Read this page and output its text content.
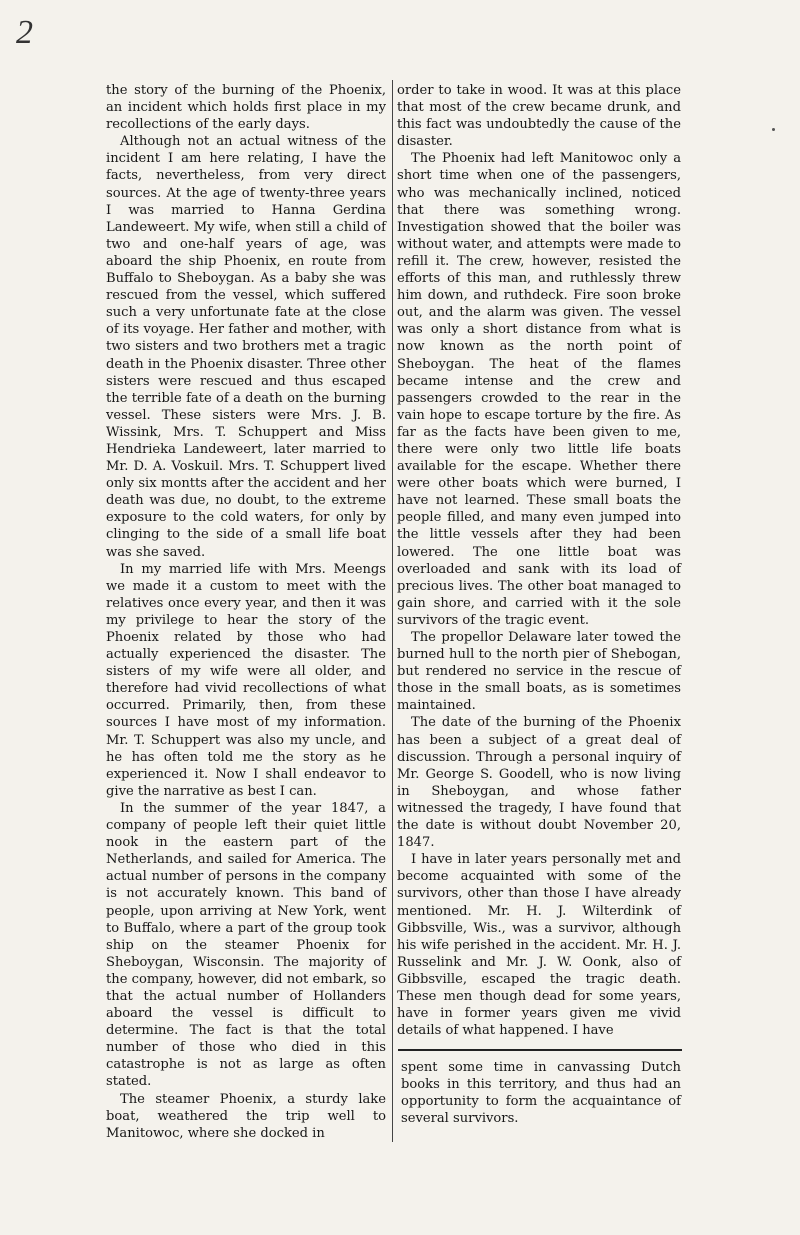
2

the story of the burning of the Phoenix, an incident which holds first place in my recollections of the early days.

Although not an actual witness of the incident I am here relating, I have the facts, nevertheless, from very direct sources. At the age of twenty-three years I was married to Hanna Gerdina Landeweert. My wife, when still a child of two and one-half years of age, was aboard the ship Phoenix, en route from Buffalo to Sheboygan. As a baby she was rescued from the vessel, which suffered such a very unfortunate fate at the close of its voyage. Her father and mother, with two sisters and two brothers met a tragic death in the Phoenix disaster. Three other sisters were rescued and thus escaped the terrible fate of a death on the burning vessel. These sisters were Mrs. J. B. Wissink, Mrs. T. Schuppert and Miss Hendrieka Landeweert, later married to Mr. D. A. Voskuil. Mrs. T. Schuppert lived only six montts after the accident and her death was due, no doubt, to the extreme exposure to the cold waters, for only by clinging to the side of a small life boat was she saved.

In my married life with Mrs. Meengs we made it a custom to meet with the relatives once every year, and then it was my privilege to hear the story of the Phoenix related by those who had actually experienced the disaster. The sisters of my wife were all older, and therefore had vivid recollections of what occurred. Primarily, then, from these sources I have most of my information. Mr. T. Schuppert was also my uncle, and he has often told me the story as he experienced it. Now I shall endeavor to give the narrative as best I can.

In the summer of the year 1847, a company of people left their quiet little nook in the eastern part of the Netherlands, and sailed for America. The actual number of persons in the company is not accurately known. This band of people, upon arriving at New York, went to Buffalo, where a part of the group took ship on the steamer Phoenix for Sheboygan, Wisconsin. The majority of the company, however, did not embark, so that the actual number of Hollanders aboard the vessel is difficult to determine. The fact is that the total number of those who died in this catastrophe is not as large as often stated.

The steamer Phoenix, a sturdy lake boat, weathered the trip well to Manitowoc, where she docked in

order to take in wood. It was at this place that most of the crew became drunk, and this fact was undoubtedly the cause of the disaster.

The Phoenix had left Manitowoc only a short time when one of the passengers, who was mechanically inclined, noticed that there was something wrong. Investigation showed that the boiler was without water, and attempts were made to refill it. The crew, however, resisted the efforts of this man, and ruthlessly threw him down, and ruthdeck. Fire soon broke out, and the alarm was given. The vessel was only a short distance from what is now known as the north point of Sheboygan. The heat of the flames became intense and the crew and passengers crowded to the rear in the vain hope to escape torture by the fire. As far as the facts have been given to me, there were only two little life boats available for the escape. Whether there were other boats which were burned, I have not learned. These small boats the people filled, and many even jumped into the little vessels after they had been lowered. The one little boat was overloaded and sank with its load of precious lives. The other boat managed to gain shore, and carried with it the sole survivors of the tragic event.

The propellor Delaware later towed the burned hull to the north pier of Shebogan, but rendered no service in the rescue of those in the small boats, as is sometimes maintained.

The date of the burning of the Phoenix has been a subject of a great deal of discussion. Through a personal inquiry of Mr. George S. Goodell, who is now living in Sheboygan, and whose father witnessed the tragedy, I have found that the date is without doubt November 20, 1847.

I have in later years personally met and become acquainted with some of the survivors, other than those I have already mentioned. Mr. H. J. Wilterdink of Gibbsville, Wis., was a survivor, although his wife perished in the accident. Mr. H. J. Russelink and Mr. J. W. Oonk, also of Gibbsville, escaped the tragic death. These men though dead for some years, have in former years given me vivid details of what happened. I have

spent some time in canvassing Dutch books in this territory, and thus had an opportunity to form the acquaintance of several survivors.
